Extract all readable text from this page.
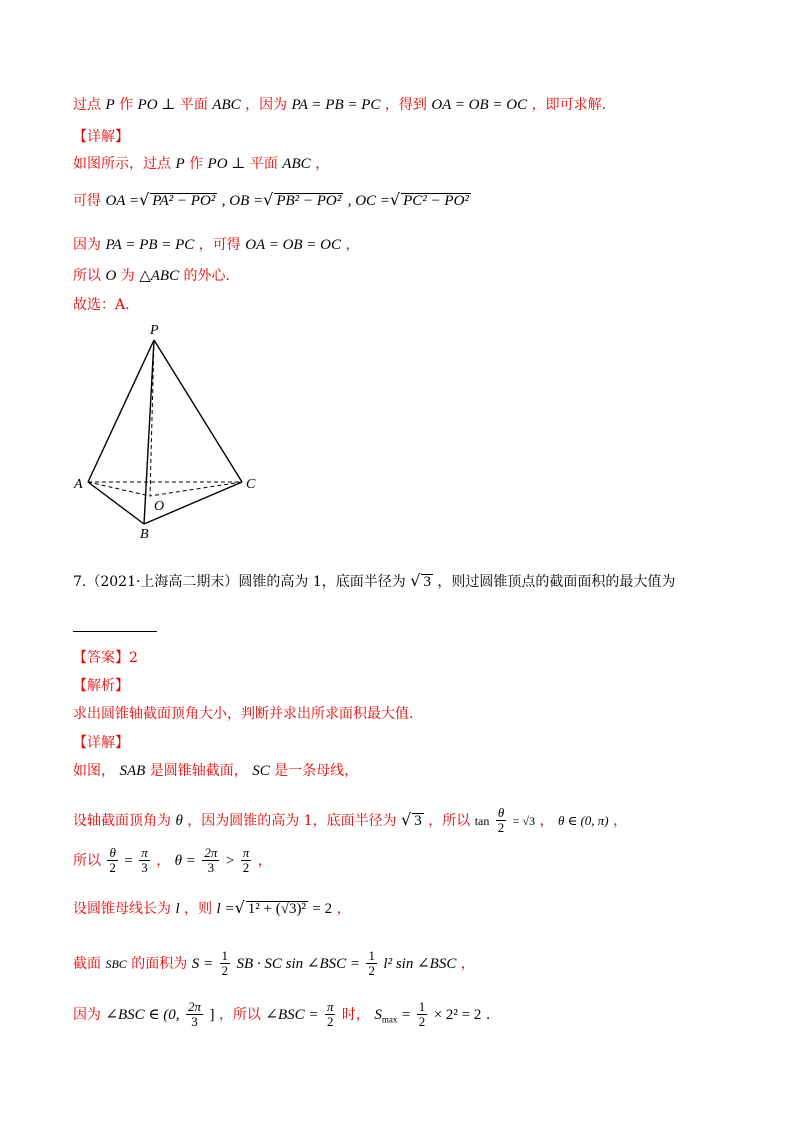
过点 P 作 PO ⊥ 平面 ABC ，因为 PA = PB = PC ，得到 OA = OB = OC ，即可求解.
【详解】
如图所示，过点 P 作 PO ⊥ 平面 ABC ，
可得 OA =√ PA² − PO² , OB =√ PB² − PO² , OC =√ PC² − PO²
因为 PA = PB = PC ，可得 OA = OB = OC ，
所以 O 为 △ABC 的外心.
故选：A.
P
A	C
B
O
7.（2021·上海高二期末）圆锥的高为 1，底面半径为 √ 3 ，则过圆锥顶点的截面面积的最大值为
【答案】2
【解析】
求出圆锥轴截面顶角大小，判断并求出所求面积最大值.
【详解】
如图， SAB 是圆锥轴截面， SC 是一条母线，
设轴截面顶角为 θ ，因为圆锥的高为 1，底面半径为 √ 3 ，所以 $\tan \frac{\theta}{2} = √3$ ， θ ∈ (0, π) ，
所以 $\frac{\theta}{2} = \frac{\pi}{3}$ ， $\theta = \frac{2\pi}{3} > \frac{\pi}{2}$ ，
设圆锥母线长为 l ，则 l =√ 1² + (√3)² = 2 ，
截面 SBC 的面积为 $S = \frac{1}{2}$ SB · SC sin ∠BSC = $\frac{1}{2} l^2$ sin ∠BSC ，
因为 ∠BSC ∈ (0, $\frac{2\pi}{3}$ ] ，所以 ∠BSC = $\frac{\pi}{2}$ 时， $S_{max} = \frac{1}{2} \times 2^2 = 2$ .
